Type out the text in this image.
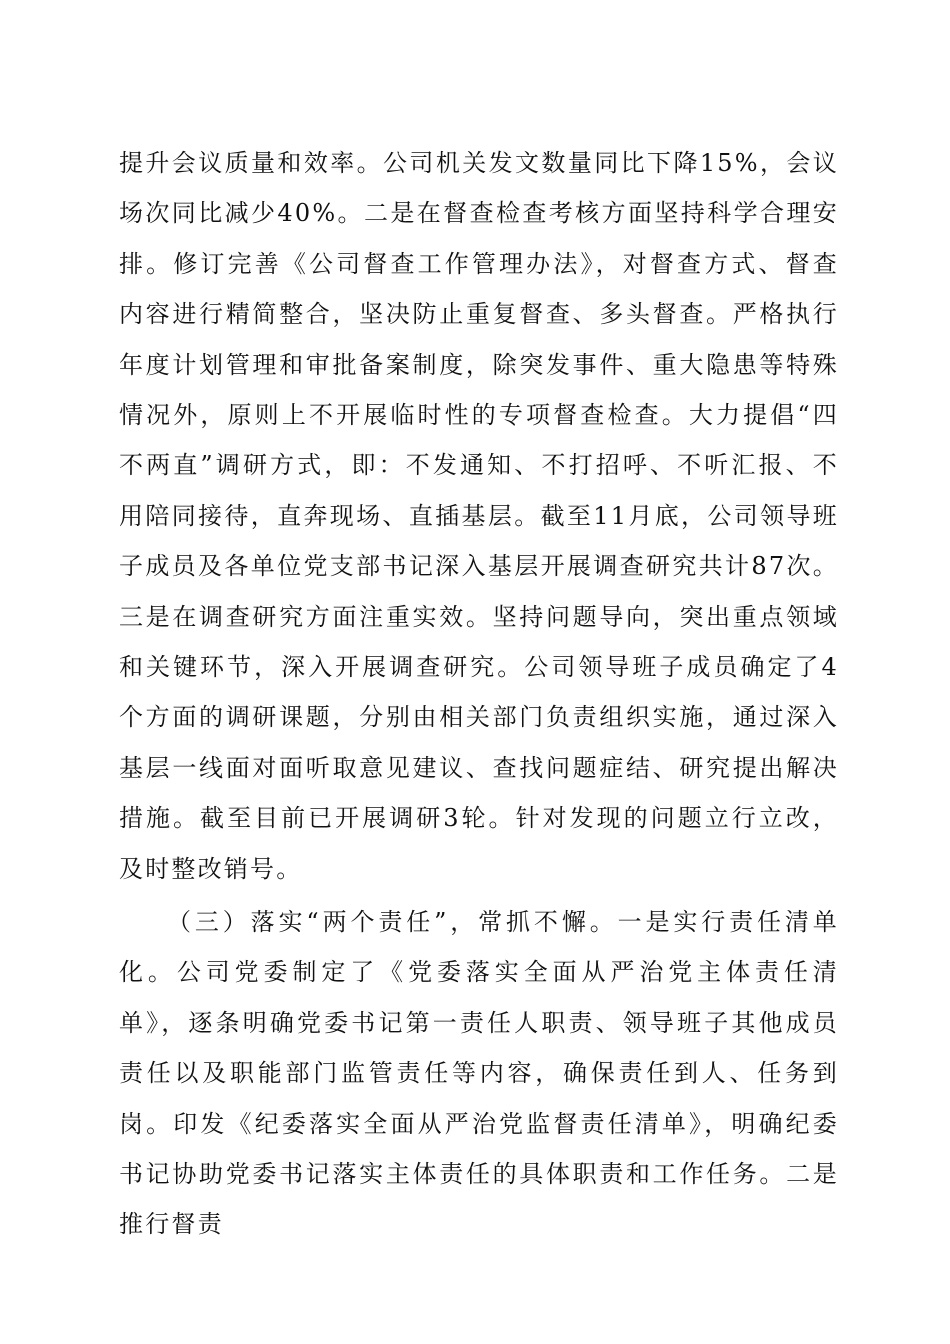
提升会议质量和效率。公司机关发文数量同比下降15%，会议场次同比减少40%。二是在督查检查考核方面坚持科学合理安排。修订完善《公司督查工作管理办法》，对督查方式、督查内容进行精简整合，坚决防止重复督查、多头督查。严格执行年度计划管理和审批备案制度，除突发事件、重大隐患等特殊情况外，原则上不开展临时性的专项督查检查。大力提倡“四不两直”调研方式，即：不发通知、不打招呼、不听汇报、不用陪同接待，直奔现场、直插基层。截至11月底，公司领导班子成员及各单位党支部书记深入基层开展调查研究共计87次。三是在调查研究方面注重实效。坚持问题导向，突出重点领域和关键环节，深入开展调查研究。公司领导班子成员确定了4个方面的调研课题，分别由相关部门负责组织实施，通过深入基层一线面对面听取意见建议、查找问题症结、研究提出解决措施。截至目前已开展调研3轮。针对发现的问题立行立改，及时整改销号。

（三）落实“两个责任”，常抓不懈。一是实行责任清单化。公司党委制定了《党委落实全面从严治党主体责任清单》，逐条明确党委书记第一责任人职责、领导班子其他成员责任以及职能部门监管责任等内容，确保责任到人、任务到岗。印发《纪委落实全面从严治党监督责任清单》，明确纪委书记协助党委书记落实主体责任的具体职责和工作任务。二是推行督责
